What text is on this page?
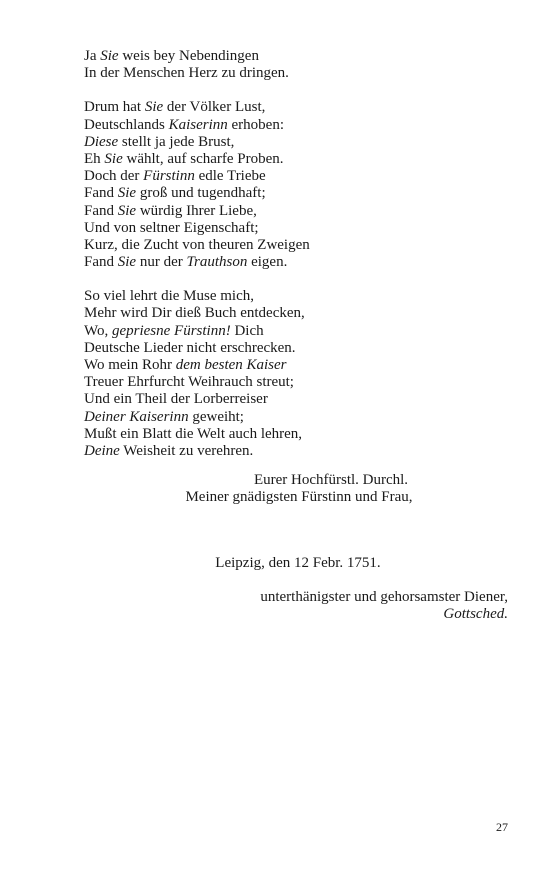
Ja Sie weis bey Nebendingen
In der Menschen Herz zu dringen.
Drum hat Sie der Völker Lust,
Deutschlands Kaiserinn erhoben:
Diese stellt ja jede Brust,
Eh Sie wählt, auf scharfe Proben.
Doch der Fürstinn edle Triebe
Fand Sie groß und tugendhaft;
Fand Sie würdig Ihrer Liebe,
Und von seltner Eigenschaft;
Kurz, die Zucht von theuren Zweigen
Fand Sie nur der Trauthson eigen.
So viel lehrt die Muse mich,
Mehr wird Dir dieß Buch entdecken,
Wo, gepriesne Fürstinn! Dich
Deutsche Lieder nicht erschrecken.
Wo mein Rohr dem besten Kaiser
Treuer Ehrfurcht Weihrauch streut;
Und ein Theil der Lorberreiser
Deiner Kaiserinn geweiht;
Mußt ein Blatt die Welt auch lehren,
Deine Weisheit zu verehren.
Eurer Hochfürstl. Durchl.
Meiner gnädigsten Fürstinn und Frau,
Leipzig, den 12 Febr. 1751.
unterthänigster und gehorsamster Diener,
Gottsched.
27
